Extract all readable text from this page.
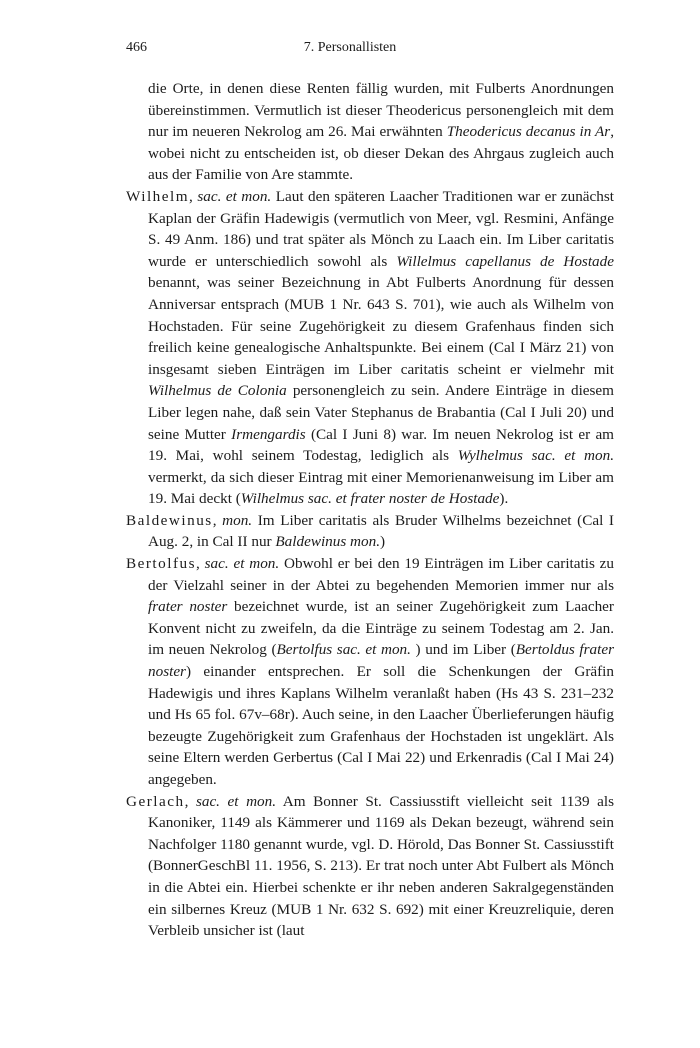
466	7. Personallisten

die Orte, in denen diese Renten fällig wurden, mit Fulberts Anordnungen übereinstimmen. Vermutlich ist dieser Theodericus personengleich mit dem nur im neueren Nekrolog am 26. Mai erwähnten Theodericus decanus in Ar, wobei nicht zu entscheiden ist, ob dieser Dekan des Ahrgaus zugleich auch aus der Familie von Are stammte.

Wilhelm, sac. et mon. Laut den späteren Laacher Traditionen war er zunächst Kaplan der Gräfin Hadewigis (vermutlich von Meer, vgl. Resmini, Anfänge S. 49 Anm. 186) und trat später als Mönch zu Laach ein. Im Liber caritatis wurde er unterschiedlich sowohl als Willelmus capellanus de Hostade benannt, was seiner Bezeichnung in Abt Fulberts Anordnung für dessen Anniversar entsprach (MUB 1 Nr. 643 S. 701), wie auch als Wilhelm von Hochstaden. Für seine Zugehörigkeit zu diesem Grafenhaus finden sich freilich keine genealogische Anhaltspunkte. Bei einem (Cal I März 21) von insgesamt sieben Einträgen im Liber caritatis scheint er vielmehr mit Wilhelmus de Colonia personengleich zu sein. Andere Einträge in diesem Liber legen nahe, daß sein Vater Stephanus de Brabantia (Cal I Juli 20) und seine Mutter Irmengardis (Cal I Juni 8) war. Im neuen Nekrolog ist er am 19. Mai, wohl seinem Todestag, lediglich als Wylhelmus sac. et mon. vermerkt, da sich dieser Eintrag mit einer Memorienanweisung im Liber am 19. Mai deckt (Wilhelmus sac. et frater noster de Hostade).

Baldewinus, mon. Im Liber caritatis als Bruder Wilhelms bezeichnet (Cal I Aug. 2, in Cal II nur Baldewinus mon.)

Bertolfus, sac. et mon. Obwohl er bei den 19 Einträgen im Liber caritatis zu der Vielzahl seiner in der Abtei zu begehenden Memorien immer nur als frater noster bezeichnet wurde, ist an seiner Zugehörigkeit zum Laacher Konvent nicht zu zweifeln, da die Einträge zu seinem Todestag am 2. Jan. im neuen Nekrolog (Bertolfus sac. et mon. ) und im Liber (Bertoldus frater noster) einander entsprechen. Er soll die Schenkungen der Gräfin Hadewigis und ihres Kaplans Wilhelm veranlaßt haben (Hs 43 S. 231–232 und Hs 65 fol. 67v–68r). Auch seine, in den Laacher Überlieferungen häufig bezeugte Zugehörigkeit zum Grafenhaus der Hochstaden ist ungeklärt. Als seine Eltern werden Gerbertus (Cal I Mai 22) und Erkenradis (Cal I Mai 24) angegeben.

Gerlach, sac. et mon. Am Bonner St. Cassiusstift vielleicht seit 1139 als Kanoniker, 1149 als Kämmerer und 1169 als Dekan bezeugt, während sein Nachfolger 1180 genannt wurde, vgl. D. Hörold, Das Bonner St. Cassiusstift (BonnerGeschBl 11. 1956, S. 213). Er trat noch unter Abt Fulbert als Mönch in die Abtei ein. Hierbei schenkte er ihr neben anderen Sakralgegenständen ein silbernes Kreuz (MUB 1 Nr. 632 S. 692) mit einer Kreuzreliquie, deren Verbleib unsicher ist (laut
